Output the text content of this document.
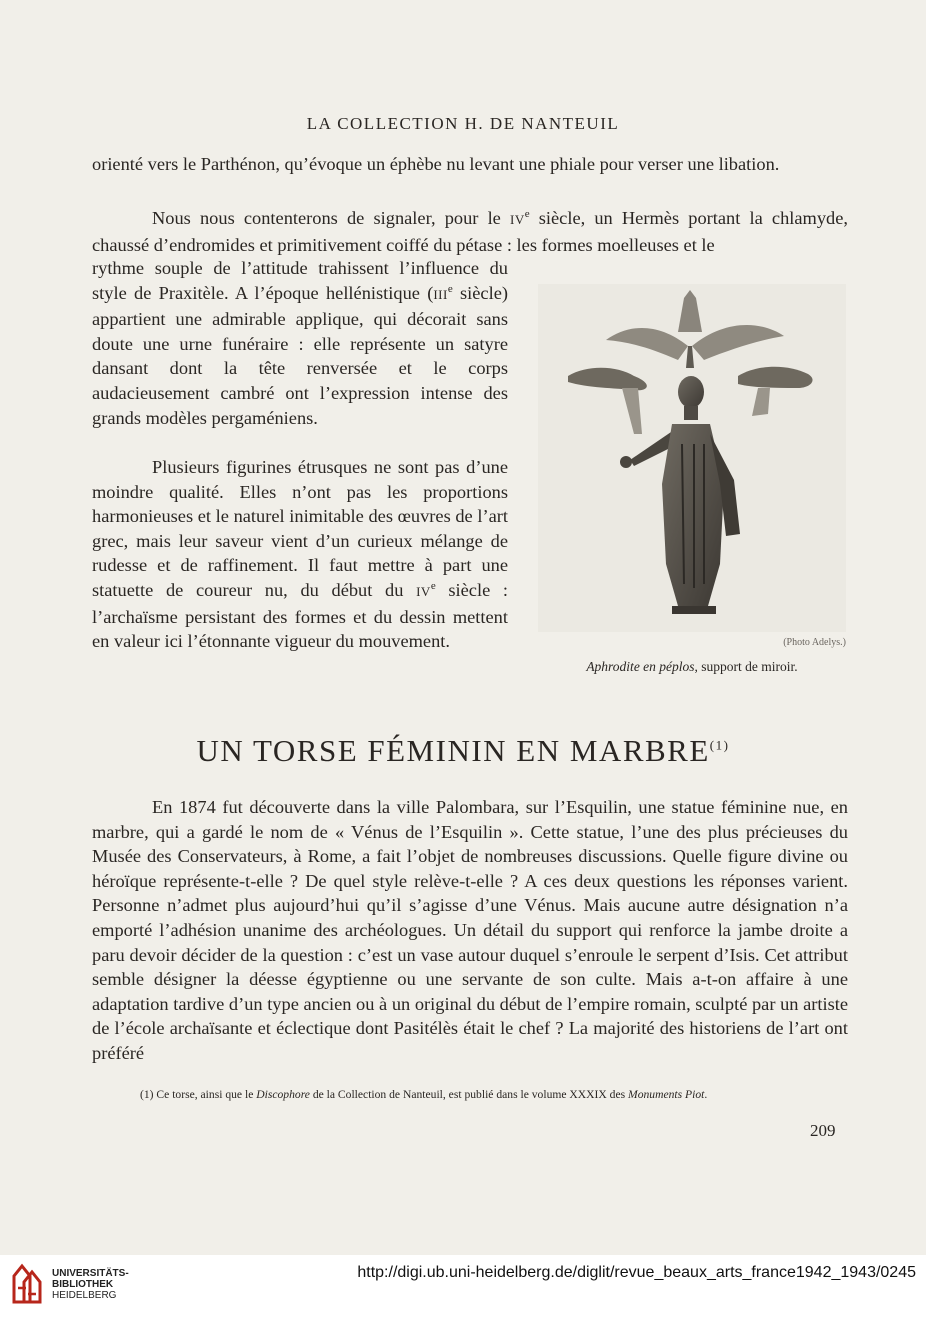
LA COLLECTION H. DE NANTEUIL

orienté vers le Parthénon, qu’évoque un éphèbe nu levant une phiale pour verser une libation.

Nous nous contenterons de signaler, pour le IVe siècle, un Hermès portant la chlamyde, chaussé d’endromides et primitivement coiffé du pétase : les formes moelleuses et le

rythme souple de l’attitude trahissent l’influence du style de Praxitèle. A l’époque hellénistique (IIIe siècle) appartient une admirable applique, qui décorait sans doute une urne funéraire : elle représente un satyre dansant dont la tête renversée et le corps audacieusement cambré ont l’expression intense des grands modèles pergaméniens.

Plusieurs figurines étrusques ne sont pas d’une moindre qualité. Elles n’ont pas les proportions harmonieuses et le naturel inimitable des œuvres de l’art grec, mais leur saveur vient d’un curieux mélange de rudesse et de raffinement. Il faut mettre à part une statuette de coureur nu, du début du IVe siècle : l’archaïsme persistant des formes et du dessin mettent en valeur ici l’étonnante vigueur du mouvement.	(Photo Adelys.)
Aphrodite en péplos, support de miroir.
UN TORSE FÉMININ EN MARBRE$^{(1)}$

En 1874 fut découverte dans la ville Palombara, sur l’Esquilin, une statue féminine nue, en marbre, qui a gardé le nom de « Vénus de l’Esquilin ». Cette statue, l’une des plus précieuses du Musée des Conservateurs, à Rome, a fait l’objet de nombreuses discussions. Quelle figure divine ou héroïque représente-t-elle ? De quel style relève-t-elle ? A ces deux questions les réponses varient. Personne n’admet plus aujourd’hui qu’il s’agisse d’une Vénus. Mais aucune autre désignation n’a emporté l’adhésion unanime des archéologues. Un détail du support qui renforce la jambe droite a paru devoir décider de la question : c’est un vase autour duquel s’enroule le serpent d’Isis. Cet attribut semble désigner la déesse égyptienne ou une servante de son culte. Mais a-t-on affaire à une adaptation tardive d’un type ancien ou à un original du début de l’empire romain, sculpté par un artiste de l’école archaïsante et éclectique dont Pasitélès était le chef ? La majorité des historiens de l’art ont préféré

(1) Ce torse, ainsi que le Discophore de la Collection de Nanteuil, est publié dans le volume XXXIX des Monuments Piot.
209
UNIVERSITÄTS-
BIBLIOTHEK
HEIDELBERG
http://digi.ub.uni-heidelberg.de/diglit/revue_beaux_arts_france1942_1943/0245
